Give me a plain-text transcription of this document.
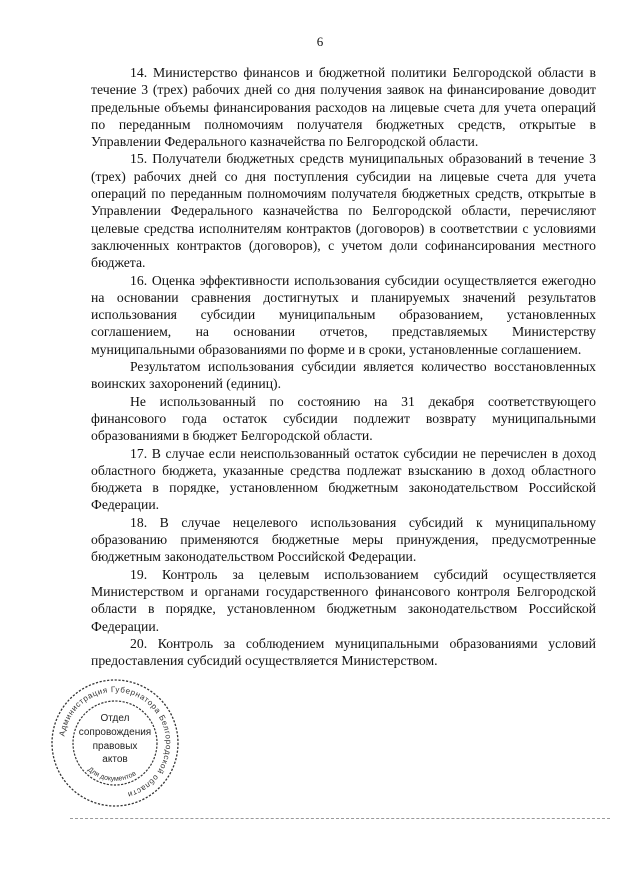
6

14. Министерство финансов и бюджетной политики Белгородской области в течение 3 (трех) рабочих дней со дня получения заявок на финансирование доводит предельные объемы финансирования расходов на лицевые счета для учета операций по переданным полномочиям получателя бюджетных средств, открытые в Управлении Федерального казначейства по Белгородской области.

15. Получатели бюджетных средств муниципальных образований в течение 3 (трех) рабочих дней со дня поступления субсидии на лицевые счета для учета операций по переданным полномочиям получателя бюджетных средств, открытые в Управлении Федерального казначейства по Белгородской области, перечисляют целевые средства исполнителям контрактов (договоров) в соответствии с условиями заключенных контрактов (договоров), с учетом доли софинансирования местного бюджета.

16. Оценка эффективности использования субсидии осуществляется ежегодно на основании сравнения достигнутых и планируемых значений результатов использования субсидии муниципальным образованием, установленных соглашением, на основании отчетов, представляемых Министерству муниципальными образованиями по форме и в сроки, установленные соглашением.

Результатом использования субсидии является количество восстановленных воинских захоронений (единиц).

Не использованный по состоянию на 31 декабря соответствующего финансового года остаток субсидии подлежит возврату муниципальными образованиями в бюджет Белгородской области.

17. В случае если неиспользованный остаток субсидии не перечислен в доход областного бюджета, указанные средства подлежат взысканию в доход областного бюджета в порядке, установленном бюджетным законодательством Российской Федерации.

18. В случае нецелевого использования субсидий к муниципальному образованию применяются бюджетные меры принуждения, предусмотренные бюджетным законодательством Российской Федерации.

19. Контроль за целевым использованием субсидий осуществляется Министерством и органами государственного финансового контроля Белгородской области в порядке, установленном бюджетным законодательством Российской Федерации.

20. Контроль за соблюдением муниципальными образованиями условий предоставления субсидий осуществляется Министерством.

Администрация Губернатора Белгородской области
Отдел
сопровождения
правовых
актов
Для документов
